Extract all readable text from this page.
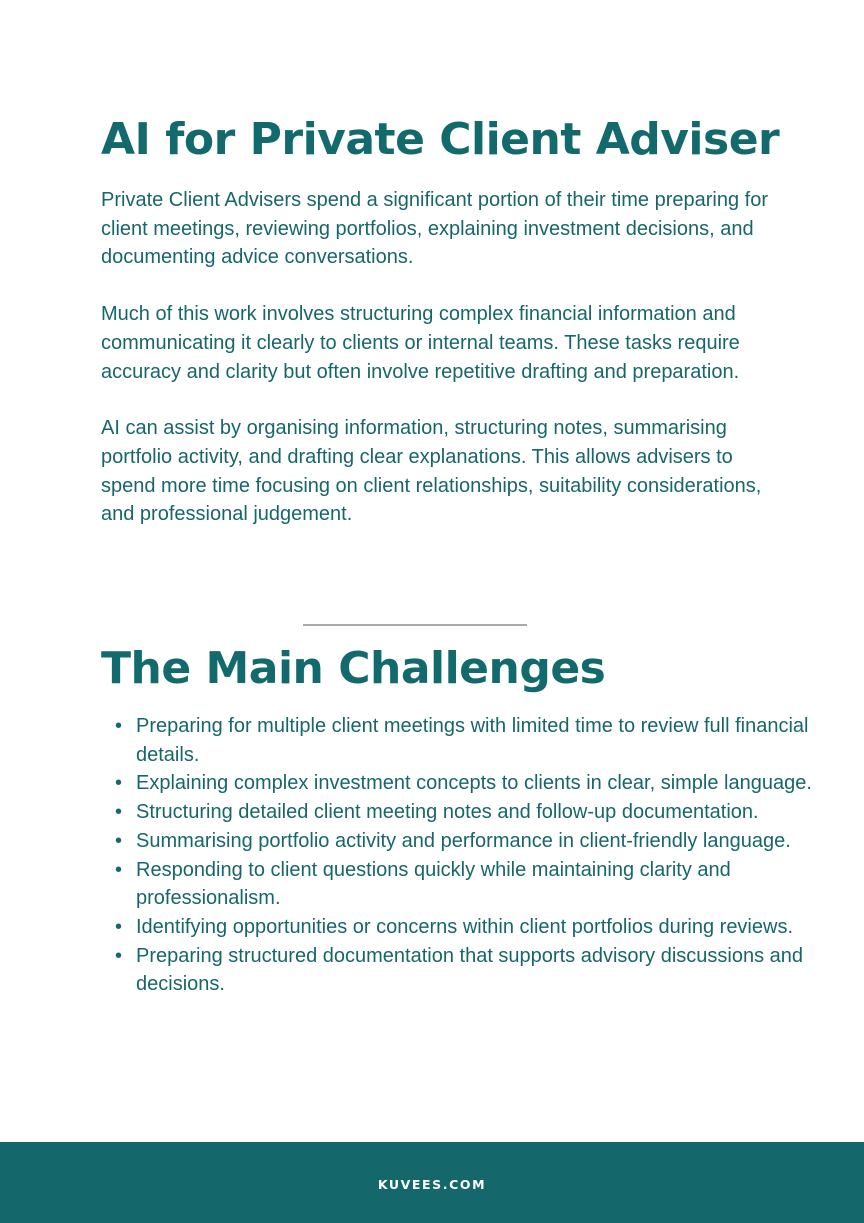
AI for Private Client Adviser

Private Client Advisers spend a significant portion of their time preparing for client meetings, reviewing portfolios, explaining investment decisions, and documenting advice conversations.

Much of this work involves structuring complex financial information and communicating it clearly to clients or internal teams. These tasks require accuracy and clarity but often involve repetitive drafting and preparation.

AI can assist by organising information, structuring notes, summarising portfolio activity, and drafting clear explanations. This allows advisers to spend more time focusing on client relationships, suitability considerations, and professional judgement.

The Main Challenges
• Preparing for multiple client meetings with limited time to review full financial details.
• Explaining complex investment concepts to clients in clear, simple language.
• Structuring detailed client meeting notes and follow-up documentation.
• Summarising portfolio activity and performance in client-friendly language.
• Responding to client questions quickly while maintaining clarity and professionalism.
• Identifying opportunities or concerns within client portfolios during reviews.
• Preparing structured documentation that supports advisory discussions and decisions.
KUVEES.COM
